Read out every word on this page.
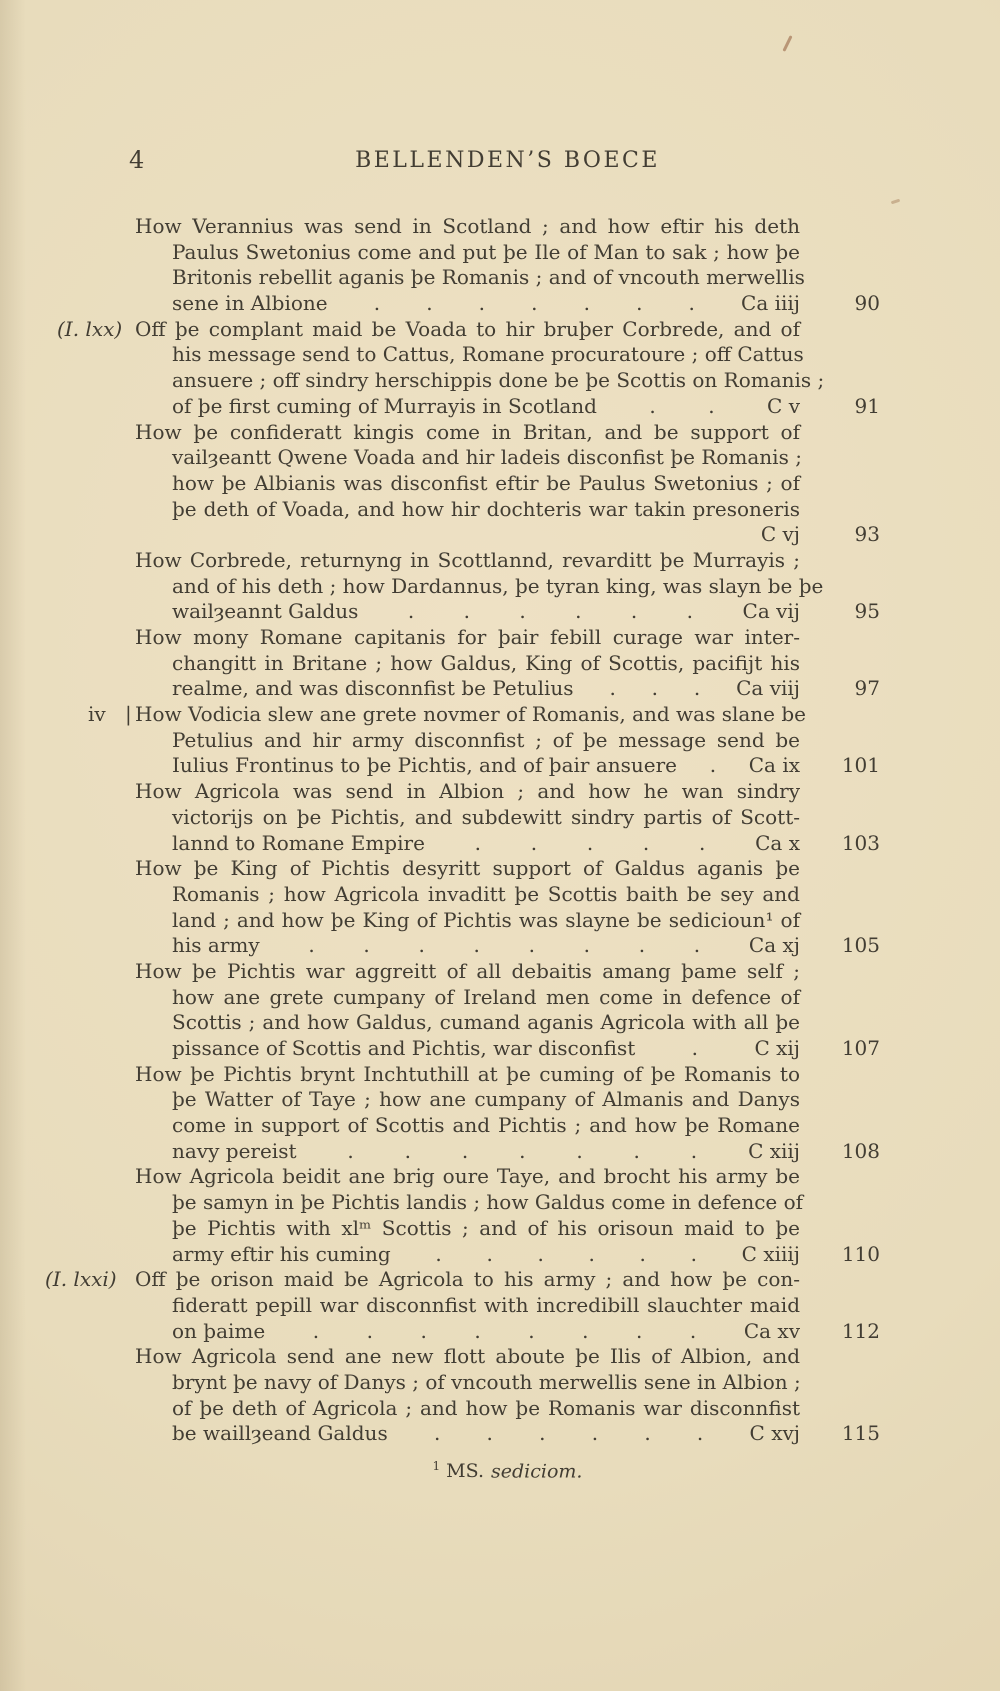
4	BELLENDEN’S BOECE
How Verannius was send in Scotland ; and how eftir his deth
Paulus Swetonius come and put þe Ile of Man to sak ; how þe
Britonis rebellit aganis þe Romanis ; and of vncouth merwellis
sene in Albione . . . . . . . Ca iiij	90
(I. lxx) Off þe complant maid be Voada to hir bruþer Corbrede, and of
his message send to Cattus, Romane procuratoure ; off Cattus
ansuere ; off sindry herschippis done be þe Scottis on Romanis ;
of þe first cuming of Murrayis in Scotland	.	.	C v	91
How þe confideratt kingis come in Britan, and be support of
vailȝeantt Qwene Voada and hir ladeis disconfist þe Romanis ;
how þe Albianis was disconfist eftir be Paulus Swetonius ; of
þe deth of Voada, and how hir dochteris war takin presoneris
C vj	93
How Corbrede, returnyng in Scottlannd, revarditt þe Murrayis ;
and of his deth ; how Dardannus, þe tyran king, was slayn be þe
wailȝeannt Galdus . . . . . . Ca vij	95
How mony Romane capitanis for þair febill curage war inter-
changitt in Britane ; how Galdus, King of Scottis, pacifijt his
realme, and was disconnfist be Petulius . . . Ca viij	97
iv | How Vodicia slew ane grete novmer of Romanis, and was slane be
Petulius and hir army disconnfist ; of þe message send be
Iulius Frontinus to þe Pichtis, and of þair ansuere . Ca ix	101
How Agricola was send in Albion ; and how he wan sindry
victorijs on þe Pichtis, and subdewitt sindry partis of Scott-
lannd to Romane Empire . . . . . Ca x	103
How þe King of Pichtis desyritt support of Galdus aganis þe
Romanis ; how Agricola invaditt þe Scottis baith be sey and
land ; and how þe King of Pichtis was slayne be sedicioun¹ of
his army . . . . . . . . Ca xj	105
How þe Pichtis war aggreitt of all debaitis amang þame self ;
how ane grete cumpany of Ireland men come in defence of
Scottis ; and how Galdus, cumand aganis Agricola with all þe
pissance of Scottis and Pichtis, war disconfist	.	C xij	107
How þe Pichtis brynt Inchtuthill at þe cuming of þe Romanis to
þe Watter of Taye ; how ane cumpany of Almanis and Danys
come in support of Scottis and Pichtis ; and how þe Romane
navy pereist	.	.	.	.	.	.	.	C xiij	108
How Agricola beidit ane brig oure Taye, and brocht his army be
þe samyn in þe Pichtis landis ; how Galdus come in defence of
þe Pichtis with xlᵐ Scottis ; and of his orisoun maid to þe
army eftir his cuming . . . . . . C xiiij	110
(I. lxxi) Off þe orison maid be Agricola to his army ; and how þe con-
fideratt pepill war disconnfist with incredibill slauchter maid
on þaime . . . . . . . . Ca xv	112
How Agricola send ane new flott aboute þe Ilis of Albion, and
brynt þe navy of Danys ; of vncouth merwellis sene in Albion ;
of þe deth of Agricola ; and how þe Romanis war disconnfist
be waillȝeand Galdus . . . . . . C xvj	115
$^1$ MS. sediciom.
